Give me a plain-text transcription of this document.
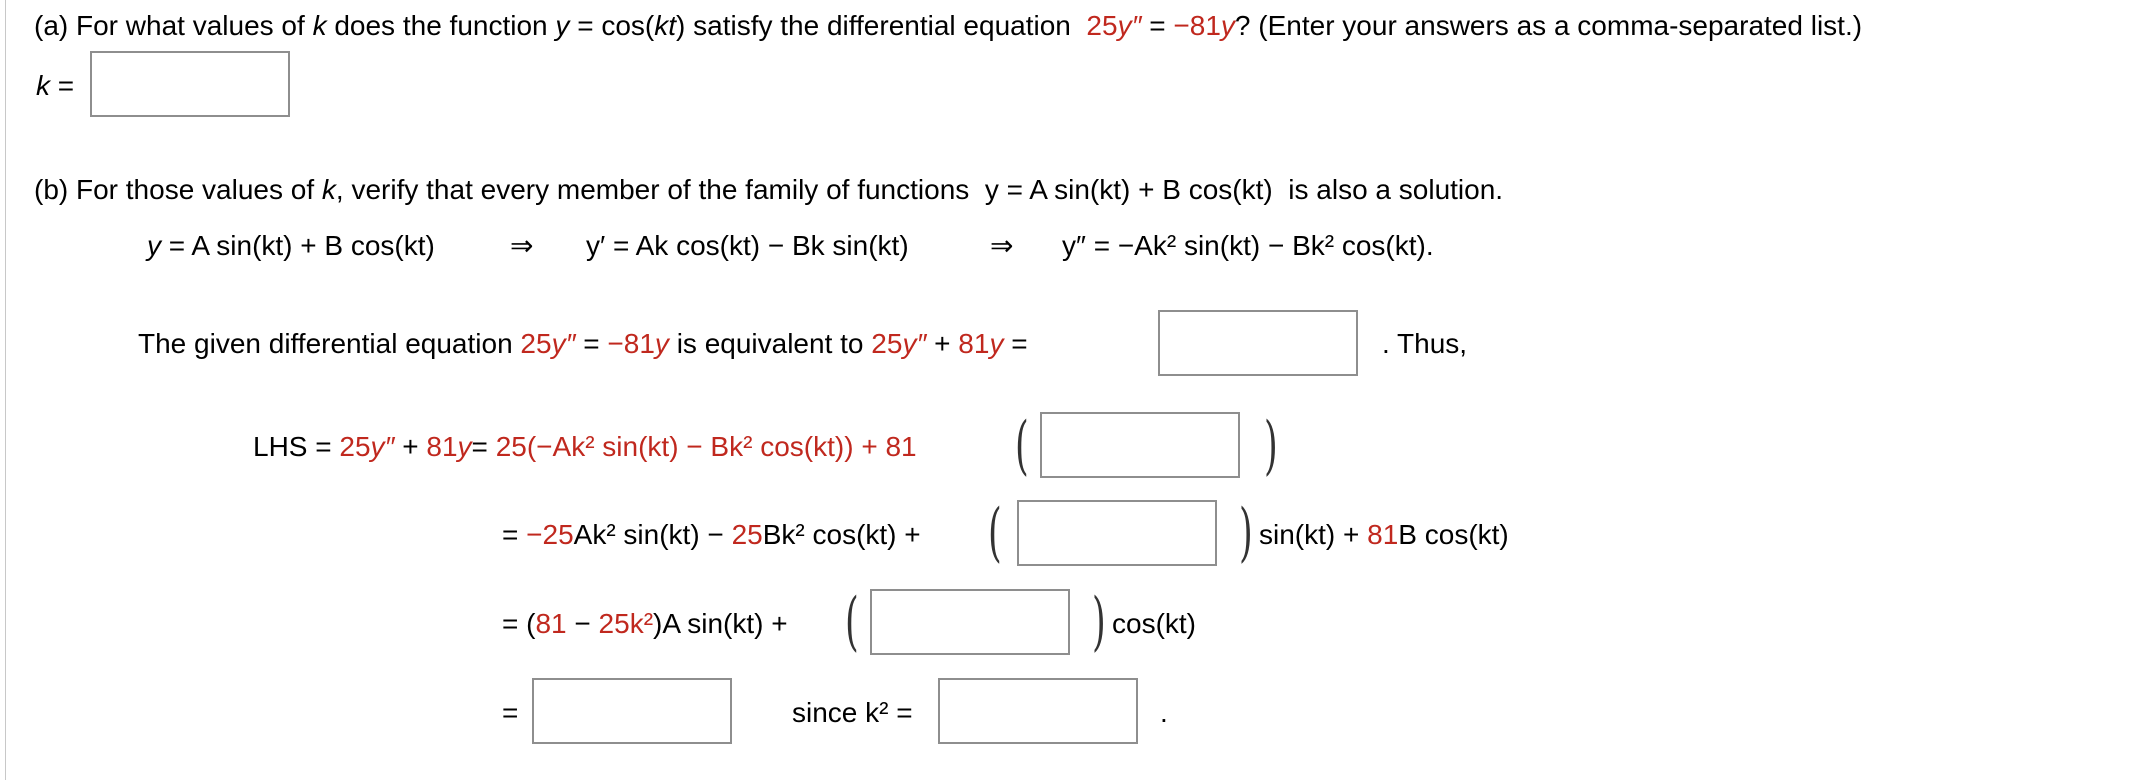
(a) For what values of k does the function y = cos(kt) satisfy the differential equation 25y″ = −81y? (Enter your answers as a comma-separated list.)
k =
(b) For those values of k, verify that every member of the family of functions y = A sin(kt) + B cos(kt) is also a solution.
y = A sin(kt) + B cos(kt)	⇒ y′ = Ak cos(kt) − Bk sin(kt)	⇒ y″ = −Ak² sin(kt) − Bk² cos(kt).
The given differential equation 25y″ = −81y is equivalent to 25y″ + 81y =	. Thus,
LHS = 25y″ + 81y= 25(−Ak² sin(kt) − Bk² cos(kt)) + 81 (	)
= −25Ak² sin(kt) − 25Bk² cos(kt) + (	) sin(kt) + 81B cos(kt)
= (81 − 25k²)A sin(kt) + (	) cos(kt)
=	since k² =	.
